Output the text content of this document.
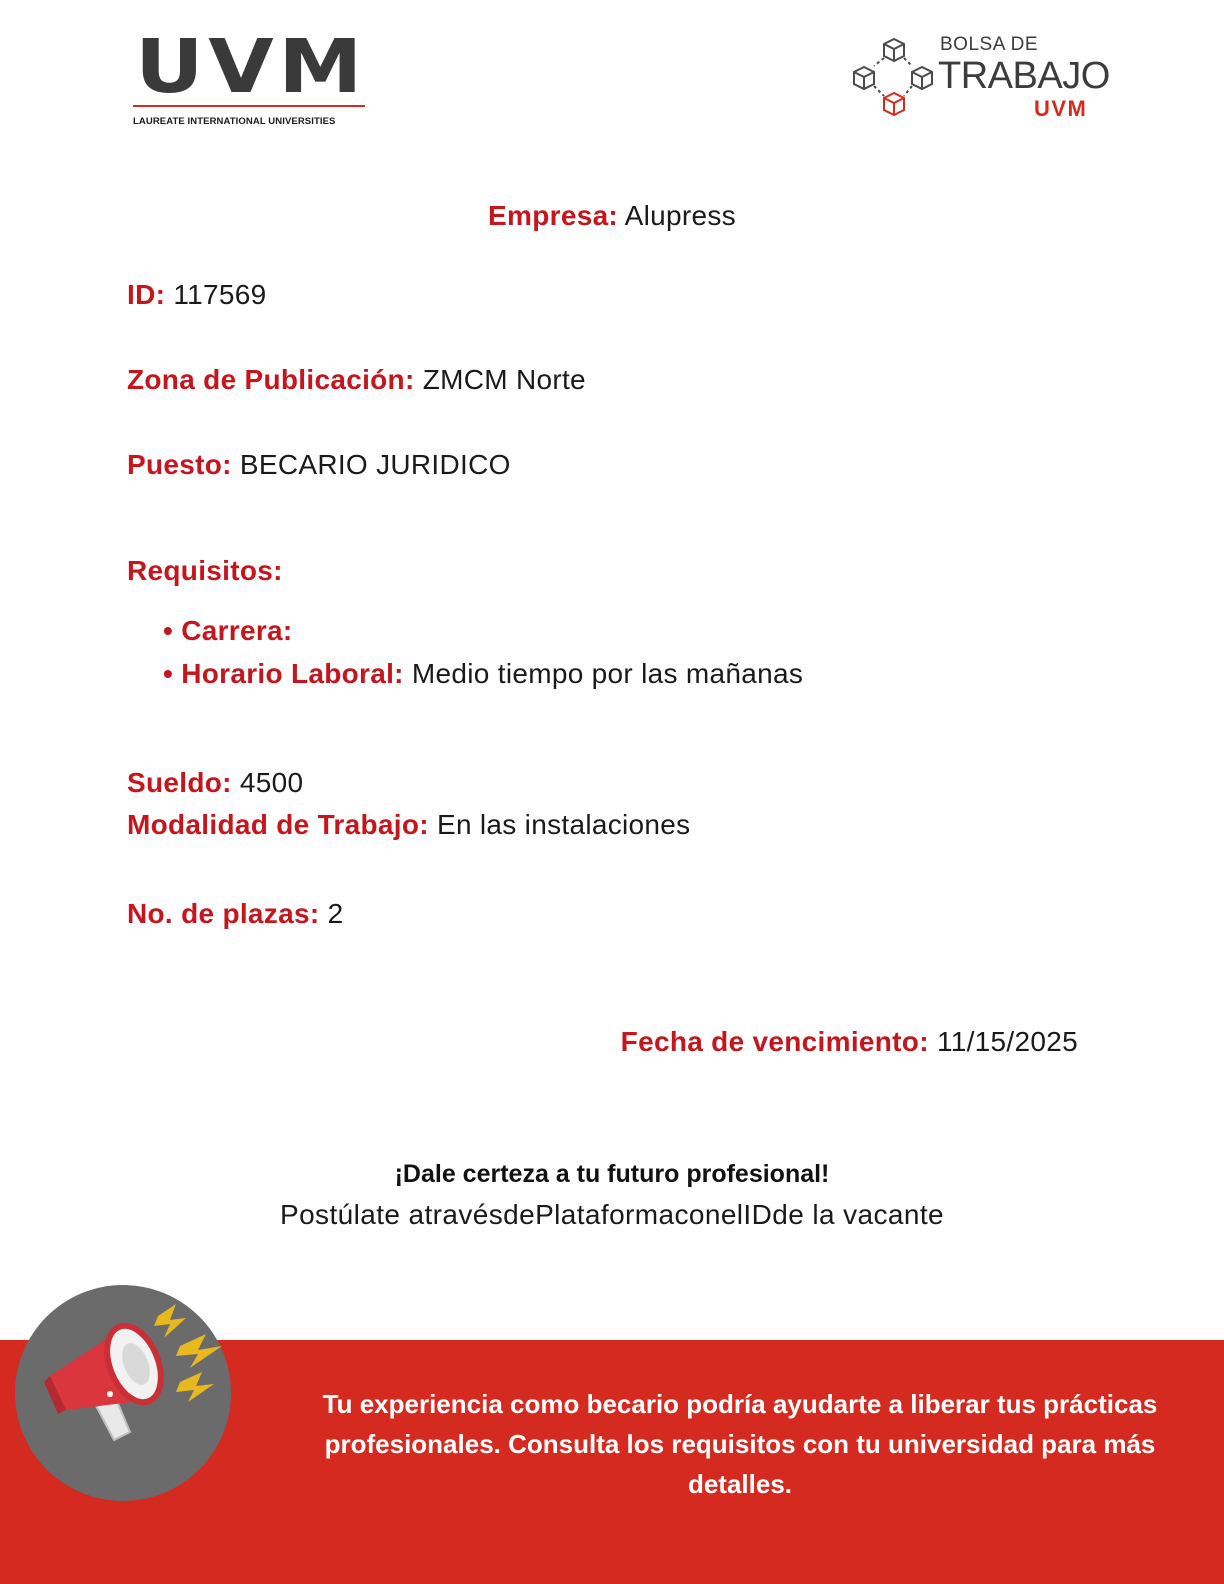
UVM
LAUREATE INTERNATIONAL UNIVERSITIES
BOLSA DE
TRABAJO
UVM
Empresa: Alupress
ID: 117569
Zona de Publicación: ZMCM Norte
Puesto: BECARIO JURIDICO
Requisitos:
• Carrera:
• Horario Laboral: Medio tiempo por las mañanas
Sueldo: 4500
Modalidad de Trabajo: En las instalaciones
No. de plazas: 2
Fecha de vencimiento: 11/15/2025
¡Dale certeza a tu futuro profesional!
Postúlate atravésdePlataformaconelIDde la vacante
Tu experiencia como becario podría ayudarte a liberar tus prácticas profesionales. Consulta los requisitos con tu universidad para más detalles.
